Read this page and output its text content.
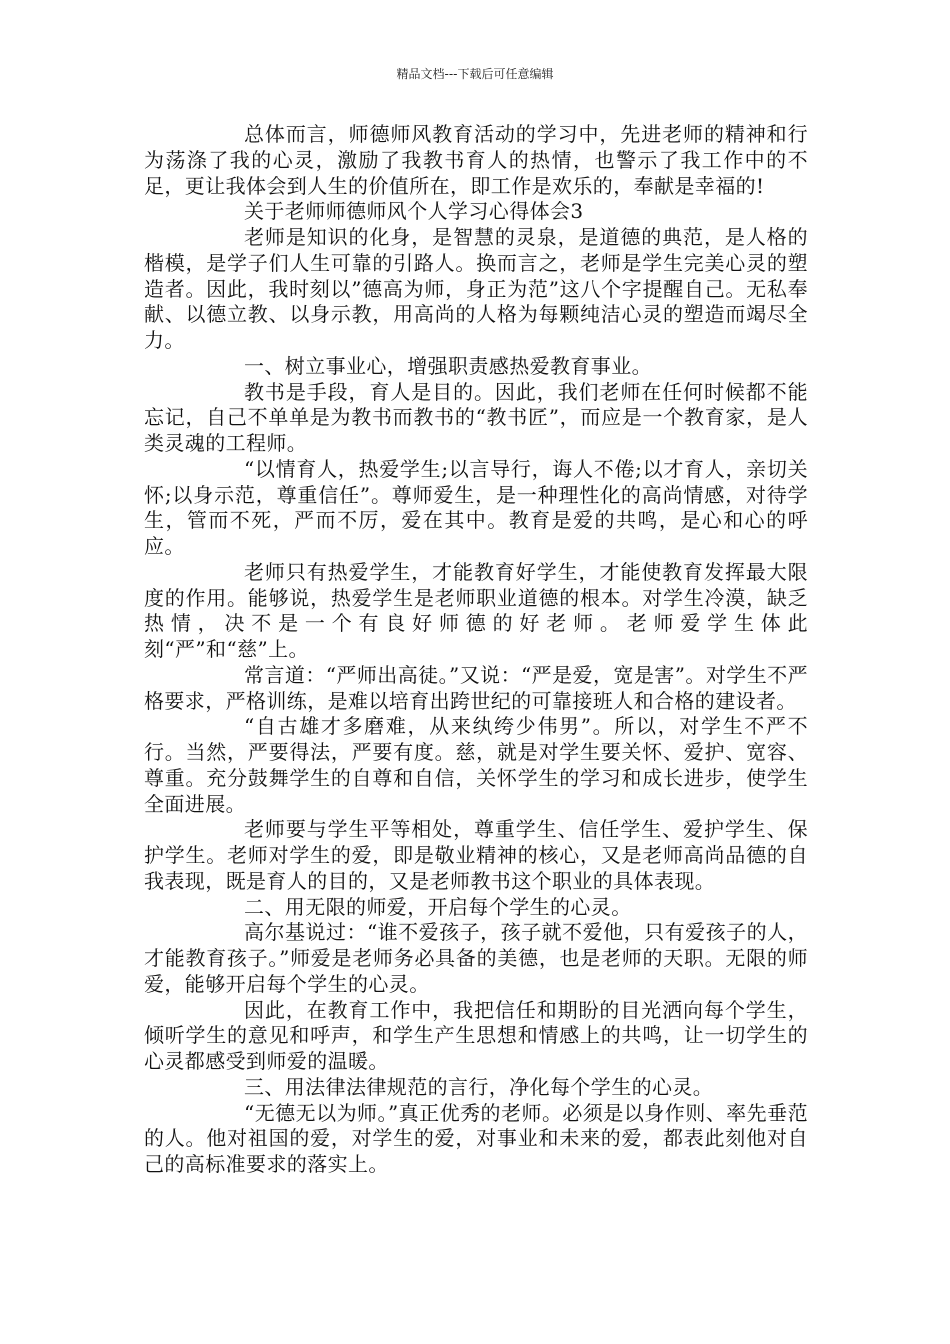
精品文档---下载后可任意编辑

总体而言，师德师风教育活动的学习中，先进老师的精神和行为荡涤了我的心灵，激励了我教书育人的热情，也警示了我工作中的不足，更让我体会到人生的价值所在，即工作是欢乐的，奉献是幸福的!

关于老师师德师风个人学习心得体会3

老师是知识的化身，是智慧的灵泉，是道德的典范，是人格的楷模，是学子们人生可靠的引路人。换而言之，老师是学生完美心灵的塑造者。因此，我时刻以”德高为师，身正为范”这八个字提醒自己。无私奉献、以德立教、以身示教，用高尚的人格为每颗纯洁心灵的塑造而竭尽全力。

一、树立事业心，增强职责感热爱教育事业。

教书是手段，育人是目的。因此，我们老师在任何时候都不能忘记，自己不单单是为教书而教书的“教书匠”，而应是一个教育家，是人类灵魂的工程师。

“以情育人，热爱学生;以言导行，诲人不倦;以才育人，亲切关怀;以身示范，尊重信任”。尊师爱生，是一种理性化的高尚情感，对待学生，管而不死，严而不厉，爱在其中。教育是爱的共鸣，是心和心的呼应。

老师只有热爱学生，才能教育好学生，才能使教育发挥最大限度的作用。能够说，热爱学生是老师职业道德的根本。对学生冷漠，缺乏热情，决不是一个有良好师德的好老师。老师爱学生体此刻“严”和“慈”上。

常言道：“严师出高徒。”又说：“严是爱，宽是害”。对学生不严格要求，严格训练，是难以培育出跨世纪的可靠接班人和合格的建设者。

“自古雄才多磨难，从来纨绔少伟男”。所以，对学生不严不行。当然，严要得法，严要有度。慈，就是对学生要关怀、爱护、宽容、尊重。充分鼓舞学生的自尊和自信，关怀学生的学习和成长进步，使学生全面进展。

老师要与学生平等相处，尊重学生、信任学生、爱护学生、保护学生。老师对学生的爱，即是敬业精神的核心，又是老师高尚品德的自我表现，既是育人的目的，又是老师教书这个职业的具体表现。

二、用无限的师爱，开启每个学生的心灵。

高尔基说过：“谁不爱孩子，孩子就不爱他，只有爱孩子的人，才能教育孩子。”师爱是老师务必具备的美德，也是老师的天职。无限的师爱，能够开启每个学生的心灵。

因此，在教育工作中，我把信任和期盼的目光洒向每个学生，倾听学生的意见和呼声，和学生产生思想和情感上的共鸣，让一切学生的心灵都感受到师爱的温暖。

三、用法律法律规范的言行，净化每个学生的心灵。

“无德无以为师。”真正优秀的老师。必须是以身作则、率先垂范的人。他对祖国的爱，对学生的爱，对事业和未来的爱，都表此刻他对自己的高标准要求的落实上。
